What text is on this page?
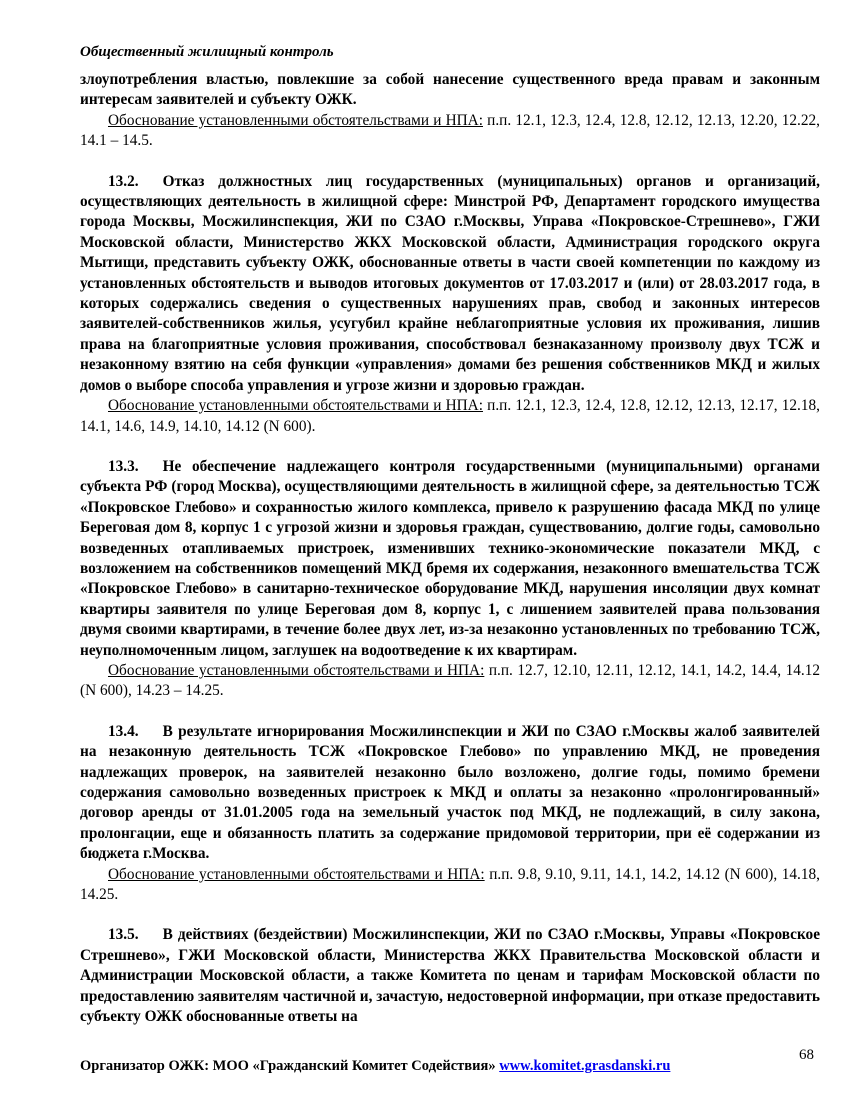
Общественный жилищный контроль

злоупотребления властью, повлекшие за собой нанесение существенного вреда правам и законным интересам заявителей и субъекту ОЖК.

Обоснование установленными обстоятельствами и НПА: п.п. 12.1, 12.3, 12.4, 12.8, 12.12, 12.13, 12.20, 12.22, 14.1 – 14.5.

13.2. Отказ должностных лиц государственных (муниципальных) органов и организаций, осуществляющих деятельность в жилищной сфере: Минстрой РФ, Департамент городского имущества города Москвы, Мосжилинспекция, ЖИ по СЗАО г.Москвы, Управа «Покровское-Стрешнево», ГЖИ Московской области, Министерство ЖКХ Московской области, Администрация городского округа Мытищи, представить субъекту ОЖК, обоснованные ответы в части своей компетенции по каждому из установленных обстоятельств и выводов итоговых документов от 17.03.2017 и (или) от 28.03.2017 года, в которых содержались сведения о существенных нарушениях прав, свобод и законных интересов заявителей-собственников жилья, усугубил крайне неблагоприятные условия их проживания, лишив права на благоприятные условия проживания, способствовал безнаказанному произволу двух ТСЖ и незаконному взятию на себя функции «управления» домами без решения собственников МКД и жилых домов о выборе способа управления и угрозе жизни и здоровью граждан.

Обоснование установленными обстоятельствами и НПА: п.п. 12.1, 12.3, 12.4, 12.8, 12.12, 12.13, 12.17, 12.18, 14.1, 14.6, 14.9, 14.10, 14.12 (N 600).

13.3. Не обеспечение надлежащего контроля государственными (муниципальными) органами субъекта РФ (город Москва), осуществляющими деятельность в жилищной сфере, за деятельностью ТСЖ «Покровское Глебово» и сохранностью жилого комплекса, привело к разрушению фасада МКД по улице Береговая дом 8, корпус 1 с угрозой жизни и здоровья граждан, существованию, долгие годы, самовольно возведенных отапливаемых пристроек, изменивших технико-экономические показатели МКД, с возложением на собственников помещений МКД бремя их содержания, незаконного вмешательства ТСЖ «Покровское Глебово» в санитарно-техническое оборудование МКД, нарушения инсоляции двух комнат квартиры заявителя по улице Береговая дом 8, корпус 1, с лишением заявителей права пользования двумя своими квартирами, в течение более двух лет, из-за незаконно установленных по требованию ТСЖ, неуполномоченным лицом, заглушек на водоотведение к их квартирам.

Обоснование установленными обстоятельствами и НПА: п.п. 12.7, 12.10, 12.11, 12.12, 14.1, 14.2, 14.4, 14.12 (N 600), 14.23 – 14.25.

13.4. В результате игнорирования Мосжилинспекции и ЖИ по СЗАО г.Москвы жалоб заявителей на незаконную деятельность ТСЖ «Покровское Глебово» по управлению МКД, не проведения надлежащих проверок, на заявителей незаконно было возложено, долгие годы, помимо бремени содержания самовольно возведенных пристроек к МКД и оплаты за незаконно «пролонгированный» договор аренды от 31.01.2005 года на земельный участок под МКД, не подлежащий, в силу закона, пролонгации, еще и обязанность платить за содержание придомовой территории, при её содержании из бюджета г.Москва.

Обоснование установленными обстоятельствами и НПА: п.п. 9.8, 9.10, 9.11, 14.1, 14.2, 14.12 (N 600), 14.18, 14.25.

13.5. В действиях (бездействии) Мосжилинспекции, ЖИ по СЗАО г.Москвы, Управы «Покровское Стрешнево», ГЖИ Московской области, Министерства ЖКХ Правительства Московской области и Администрации Московской области, а также Комитета по ценам и тарифам Московской области по предоставлению заявителям частичной и, зачастую, недостоверной информации, при отказе предоставить субъекту ОЖК обоснованные ответы на

Организатор ОЖК: МОО «Гражданский Комитет Содействия» www.komitet.grasdanski.ru
68
